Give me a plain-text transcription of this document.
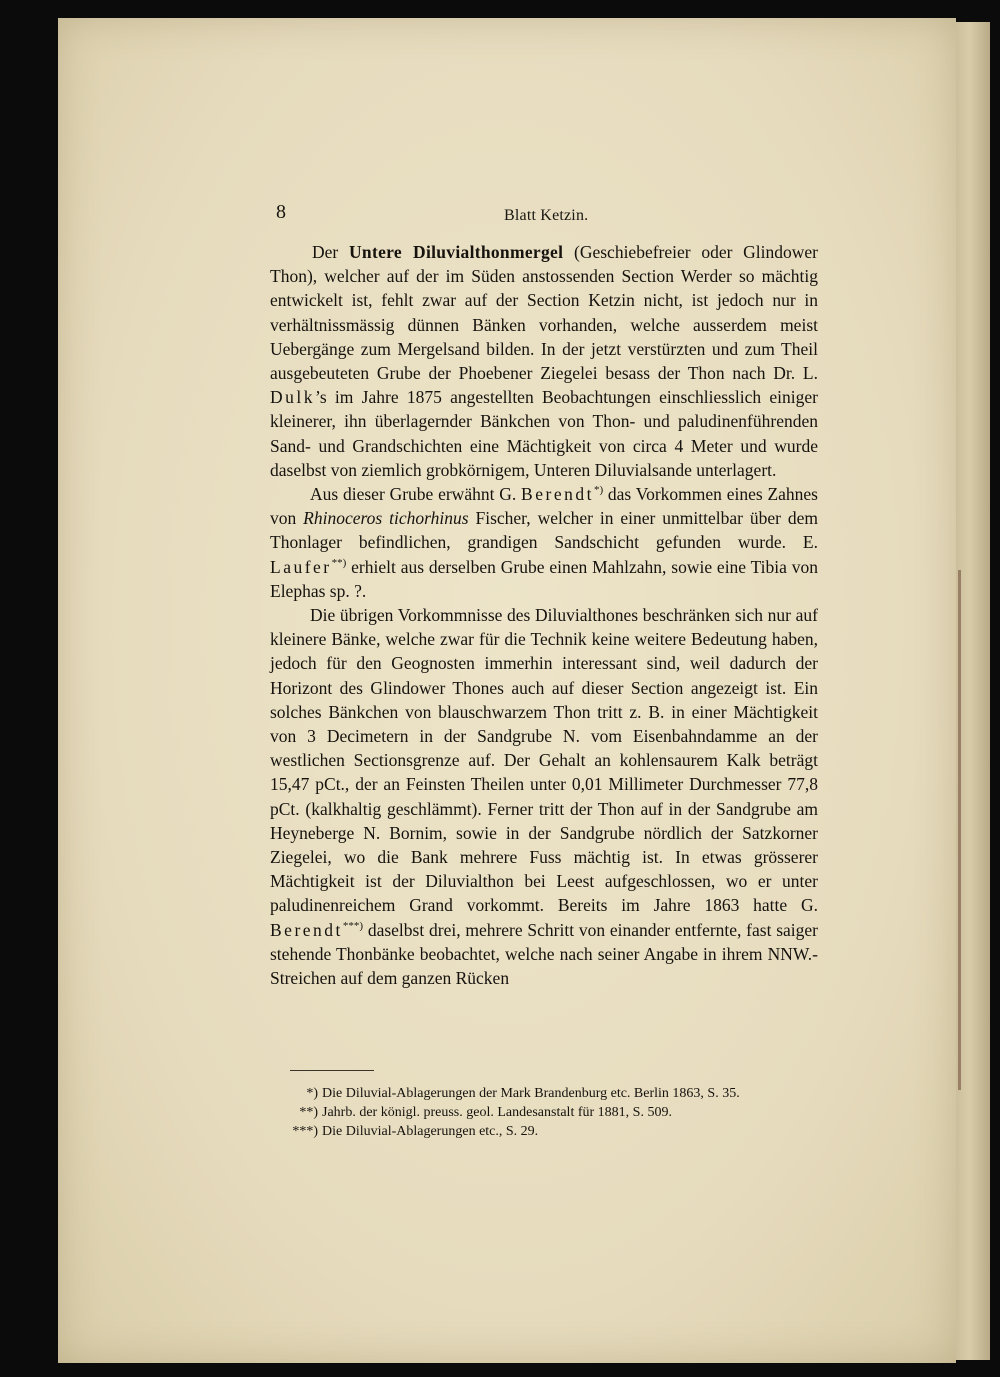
8	Blatt Ketzin.

Der Untere Diluvialthonmergel (Geschiebefreier oder Glindower Thon), welcher auf der im Süden anstossenden Section Werder so mächtig entwickelt ist, fehlt zwar auf der Section Ketzin nicht, ist jedoch nur in verhältnissmässig dünnen Bänken vorhanden, welche ausserdem meist Uebergänge zum Mergelsand bilden. In der jetzt verstürzten und zum Theil ausgebeuteten Grube der Phoebener Ziegelei besass der Thon nach Dr. L. Dulk’s im Jahre 1875 angestellten Beobachtungen einschliesslich einiger kleinerer, ihn überlagernder Bänkchen von Thon- und paludinenführenden Sand- und Grandschichten eine Mächtigkeit von circa 4 Meter und wurde daselbst von ziemlich grobkörnigem, Unteren Diluvialsande unterlagert.

Aus dieser Grube erwähnt G. Berendt*) das Vorkommen eines Zahnes von Rhinoceros tichorhinus Fischer, welcher in einer unmittelbar über dem Thonlager befindlichen, grandigen Sandschicht gefunden wurde. E. Laufer**) erhielt aus derselben Grube einen Mahlzahn, sowie eine Tibia von Elephas sp. ?.

Die übrigen Vorkommnisse des Diluvialthones beschränken sich nur auf kleinere Bänke, welche zwar für die Technik keine weitere Bedeutung haben, jedoch für den Geognosten immerhin interessant sind, weil dadurch der Horizont des Glindower Thones auch auf dieser Section angezeigt ist. Ein solches Bänkchen von blauschwarzem Thon tritt z. B. in einer Mächtigkeit von 3 Decimetern in der Sandgrube N. vom Eisenbahndamme an der westlichen Sectionsgrenze auf. Der Gehalt an kohlensaurem Kalk beträgt 15,47 pCt., der an Feinsten Theilen unter 0,01 Millimeter Durchmesser 77,8 pCt. (kalkhaltig geschlämmt). Ferner tritt der Thon auf in der Sandgrube am Heyneberge N. Bornim, sowie in der Sandgrube nördlich der Satzkorner Ziegelei, wo die Bank mehrere Fuss mächtig ist. In etwas grösserer Mächtigkeit ist der Diluvialthon bei Leest aufgeschlossen, wo er unter paludinenreichem Grand vorkommt. Bereits im Jahre 1863 hatte G. Berendt***) daselbst drei, mehrere Schritt von einander entfernte, fast saiger stehende Thonbänke beobachtet, welche nach seiner Angabe in ihrem NNW.-Streichen auf dem ganzen Rücken

*) Die Diluvial-Ablagerungen der Mark Brandenburg etc. Berlin 1863, S. 35.

**) Jahrb. der königl. preuss. geol. Landesanstalt für 1881, S. 509.

***) Die Diluvial-Ablagerungen etc., S. 29.
